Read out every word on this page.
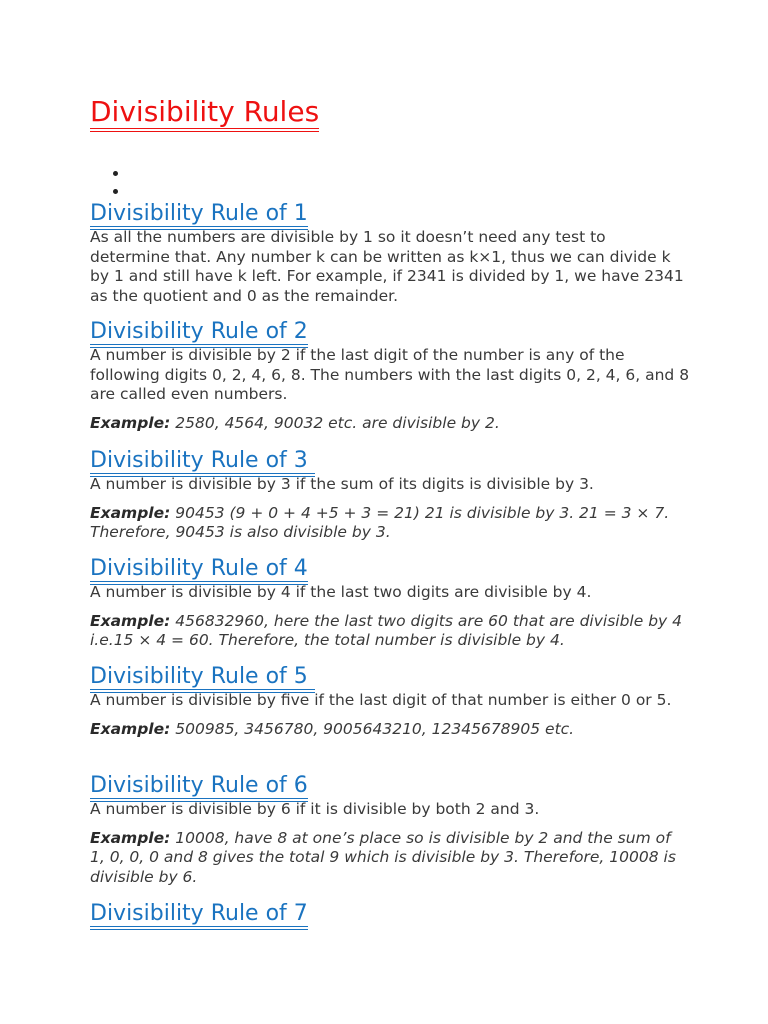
Divisibility Rules
Divisibility Rule of 1

As all the numbers are divisible by 1 so it doesn’t need any test to determine that. Any number k can be written as k×1, thus we can divide k by 1 and still have k left. For example, if 2341 is divided by 1, we have 2341 as the quotient and 0 as the remainder.

Divisibility Rule of 2

A number is divisible by 2 if the last digit of the number is any of the following digits 0, 2, 4, 6, 8. The numbers with the last digits 0, 2, 4, 6, and 8 are called even numbers.

Example: 2580, 4564, 90032 etc. are divisible by 2.

Divisibility Rule of 3

A number is divisible by 3 if the sum of its digits is divisible by 3.

Example: 90453 (9 + 0 + 4 +5 + 3 = 21) 21 is divisible by 3. 21 = 3 × 7. Therefore, 90453 is also divisible by 3.

Divisibility Rule of 4

A number is divisible by 4 if the last two digits are divisible by 4.

Example: 456832960, here the last two digits are 60 that are divisible by 4 i.e.15 × 4 = 60. Therefore, the total number is divisible by 4.

Divisibility Rule of 5

A number is divisible by five if the last digit of that number is either 0 or 5.

Example: 500985, 3456780, 9005643210, 12345678905 etc.

Divisibility Rule of 6

A number is divisible by 6 if it is divisible by both 2 and 3.

Example: 10008, have 8 at one’s place so is divisible by 2 and the sum of 1, 0, 0, 0 and 8 gives the total 9 which is divisible by 3. Therefore, 10008 is divisible by 6.

Divisibility Rule of 7
